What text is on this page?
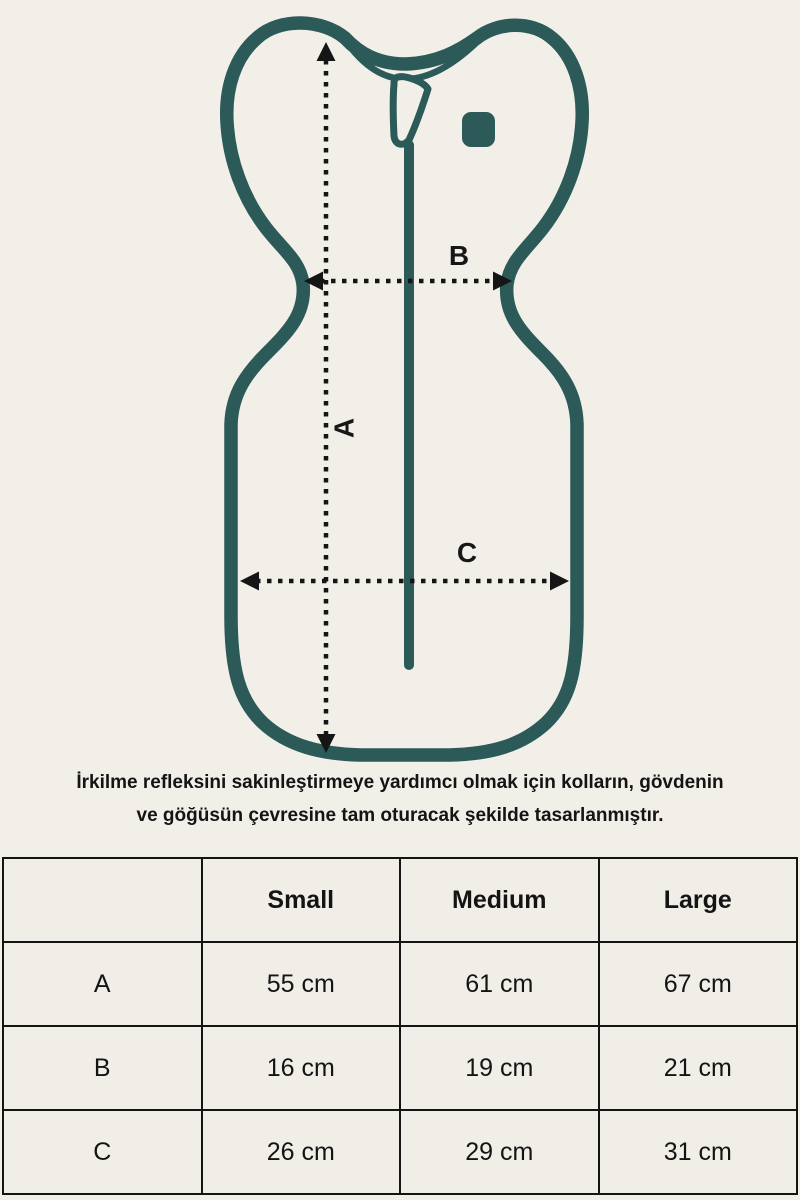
A
B
C
İrkilme refleksini sakinleştirmeye yardımcı olmak için kolların, gövdenin
ve göğüsün çevresine tam oturacak şekilde tasarlanmıştır.
	Small	Medium	Large
A	55 cm	61 cm	67 cm
B	16 cm	19 cm	21 cm
C	26 cm	29 cm	31 cm
